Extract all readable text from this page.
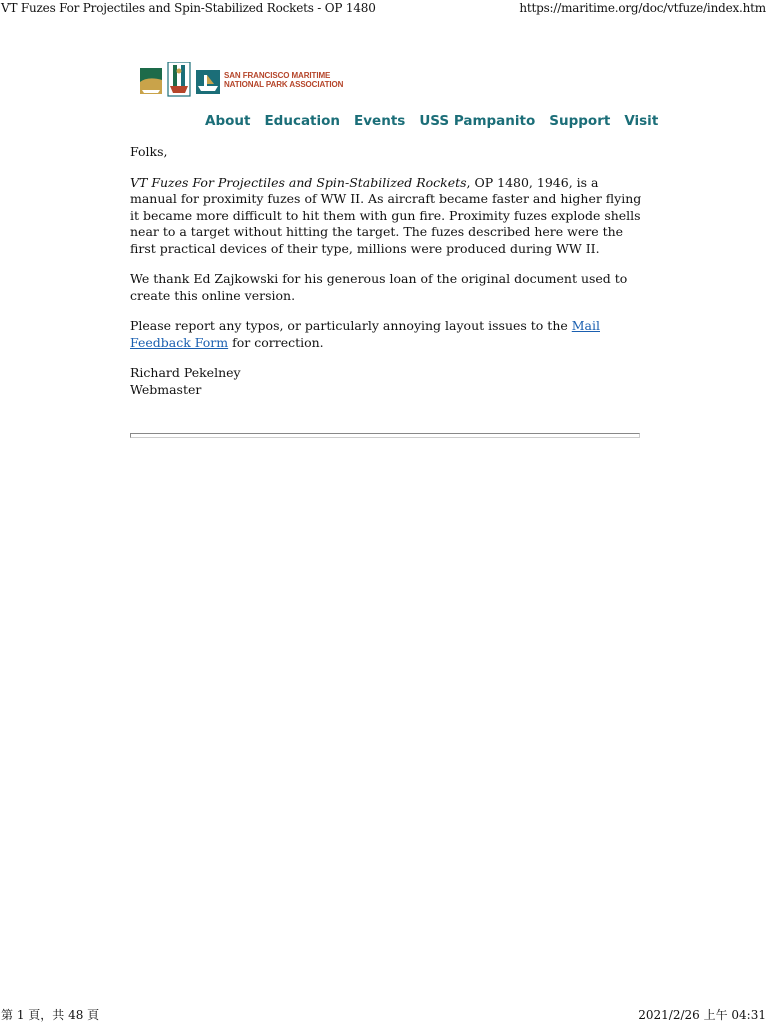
VT Fuzes For Projectiles and Spin-Stabilized Rockets - OP 1480	https://maritime.org/doc/vtfuze/index.htm
SAN FRANCISCO MARITIME
NATIONAL PARK ASSOCIATION
About Education Events USS Pampanito Support Visit

Folks,

VT Fuzes For Projectiles and Spin-Stabilized Rockets, OP 1480, 1946, is a manual for proximity fuzes of WW II. As aircraft became faster and higher flying it became more difficult to hit them with gun fire. Proximity fuzes explode shells near to a target without hitting the target. The fuzes described here were the first practical devices of their type, millions were produced during WW II.

We thank Ed Zajkowski for his generous loan of the original document used to create this online version.

Please report any typos, or particularly annoying layout issues to the Mail Feedback Form for correction.

Richard Pekelney
Webmaster

第 1 頁，共 48 頁	2021/2/26 上午 04:31
